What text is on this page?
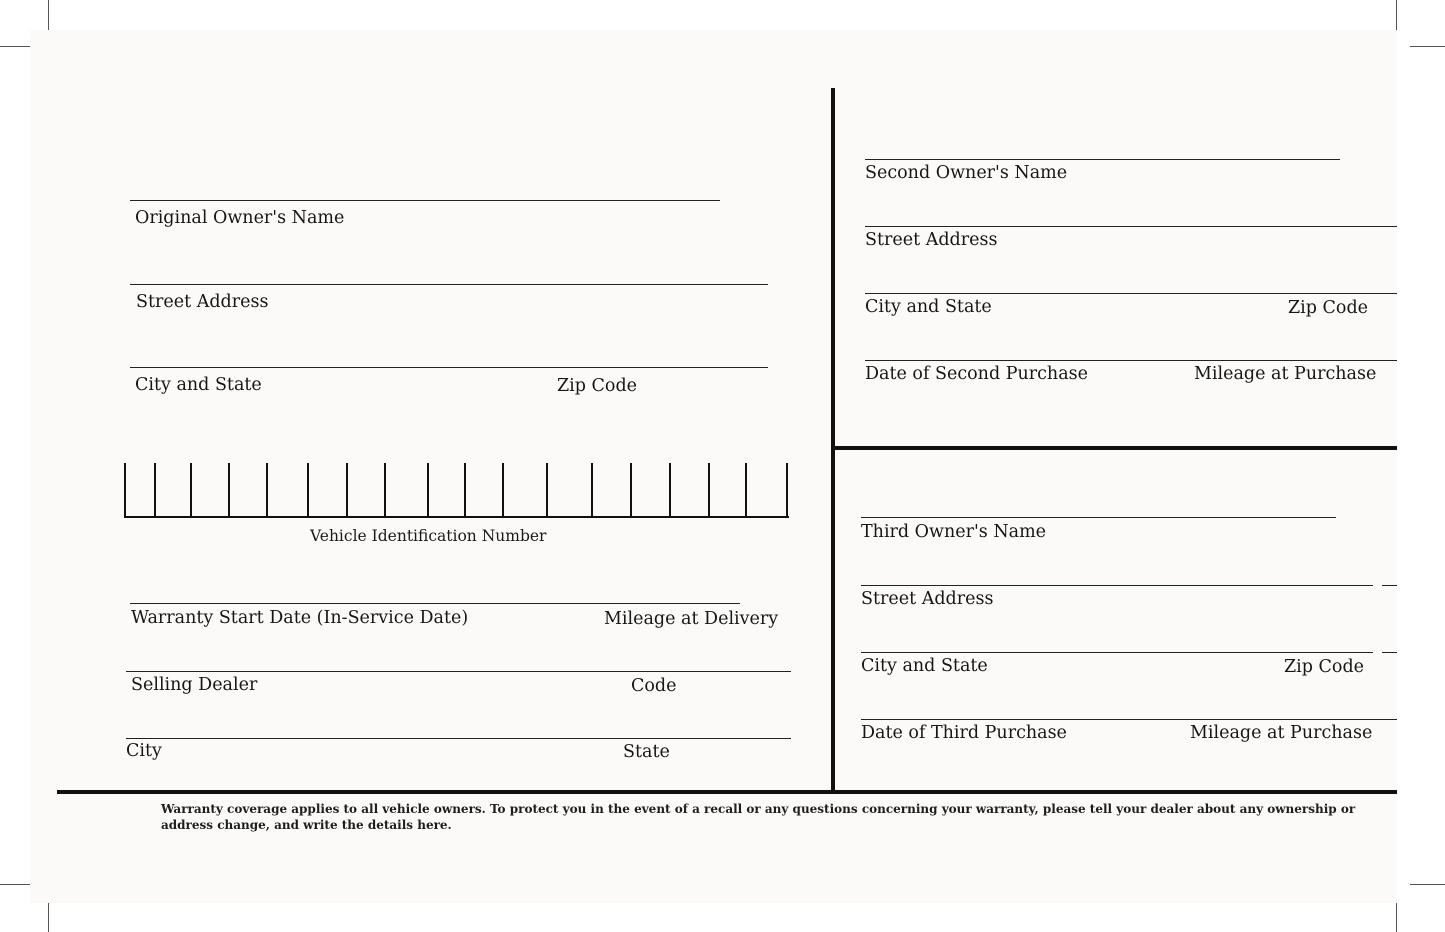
Original Owner's Name
Street Address
City and State	Zip Code
Vehicle Identification Number
Warranty Start Date (In-Service Date)	Mileage at Delivery
Selling Dealer	Code
City	State
Second Owner's Name
Street Address
City and State	Zip Code
Date of Second Purchase	Mileage at Purchase
Third Owner's Name
Street Address
City and State	Zip Code
Date of Third Purchase	Mileage at Purchase
Warranty coverage applies to all vehicle owners. To protect you in the event of a recall or any questions concerning your warranty, please tell your dealer about any ownership or
address change, and write the details here.
